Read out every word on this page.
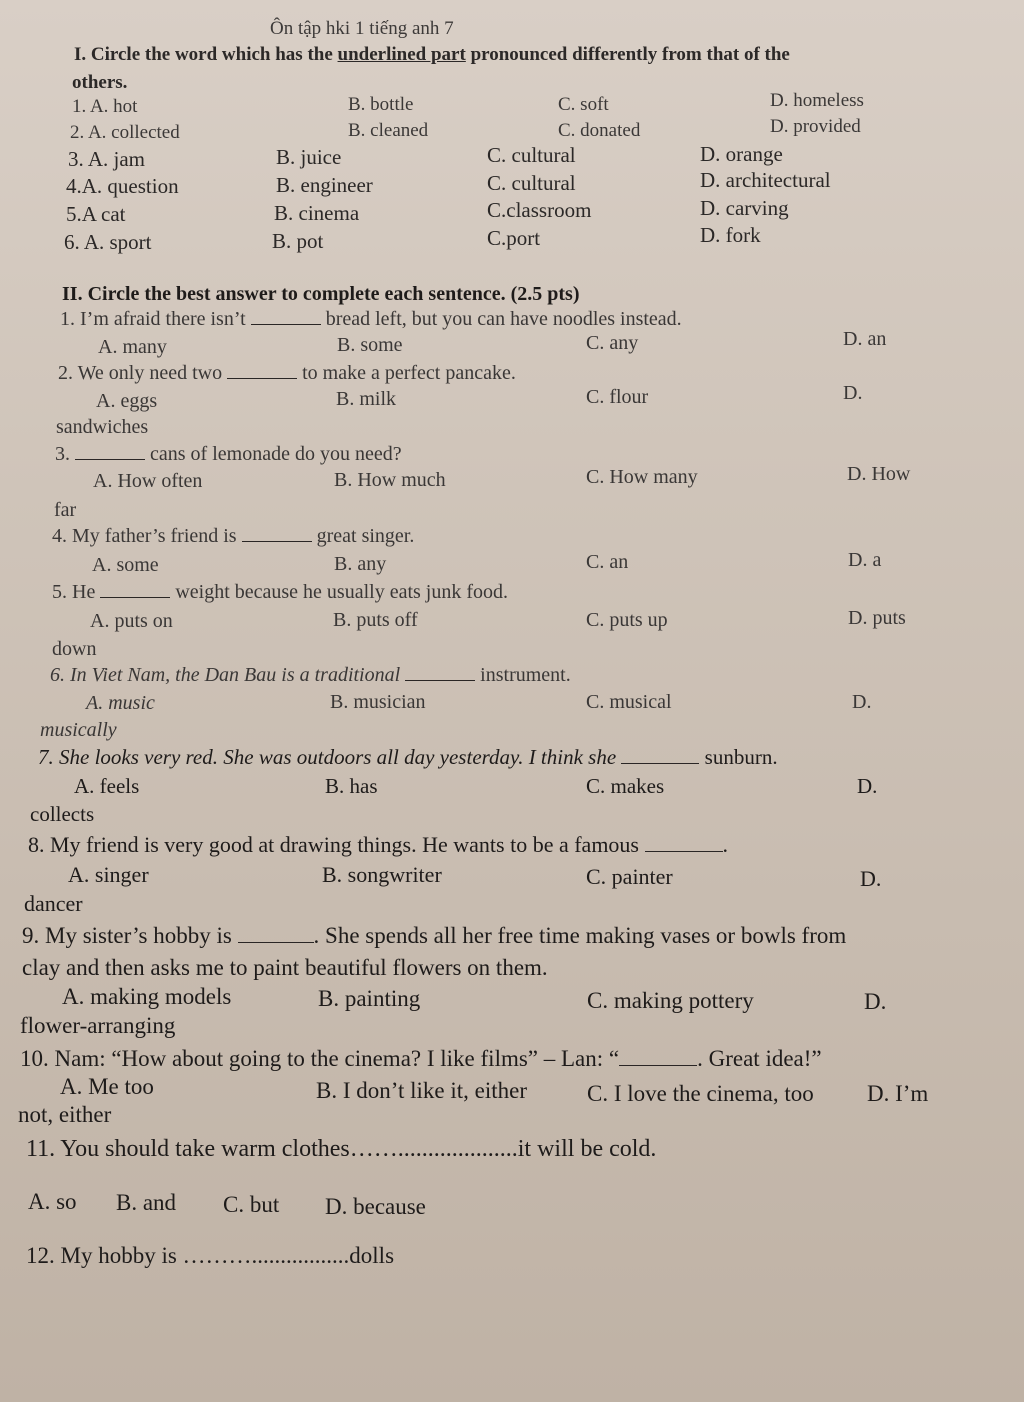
Ôn tập hki 1 tiếng anh 7
I. Circle the word which has the underlined part pronounced differently from that of the
others.
1. A. hot	B. bottle	C. soft	D. homeless
2. A. collected	B. cleaned	C. donated	D. provided
3. A. jam	B. juice	C. cultural	D. orange
4.A. question	B. engineer	C. cultural	D. architectural
5.A cat	B. cinema	C.classroom	D. carving
6. A. sport	B. pot	C.port	D. fork
II. Circle the best answer to complete each sentence. (2.5 pts)
1. I’m afraid there isn’t	bread left, but you can have noodles instead.
A. many	B. some	C. any	D. an
2. We only need two	to make a perfect pancake.
A. eggs	B. milk	C. flour	D.
sandwiches
3.	cans of lemonade do you need?
A. How often	B. How much	C. How many	D. How
far
4. My father’s friend is	great singer.
A. some	B. any	C. an	D. a
5. He	weight because he usually eats junk food.
A. puts on	B. puts off	C. puts up	D. puts
down
6. In Viet Nam, the Dan Bau is a traditional	instrument.
A. music	B. musician	C. musical	D.
musically
7. She looks very red. She was outdoors all day yesterday. I think she	sunburn.
A. feels	B. has	C. makes	D.
collects
8. My friend is very good at drawing things. He wants to be a famous	.
A. singer	B. songwriter	C. painter	D.
dancer
9. My sister’s hobby is	. She spends all her free time making vases or bowls from
clay and then asks me to paint beautiful flowers on them.
A. making models	B. painting	C. making pottery	D.
flower-arranging
10. Nam: “How about going to the cinema? I like films” – Lan: “	. Great idea!”
A. Me too	B. I don’t like it, either	C. I love the cinema, too D. I’m
not, either
11. You should take warm clothes……....................it will be cold.
A. so B. and C. but D. because
12. My hobby is ……….................dolls
